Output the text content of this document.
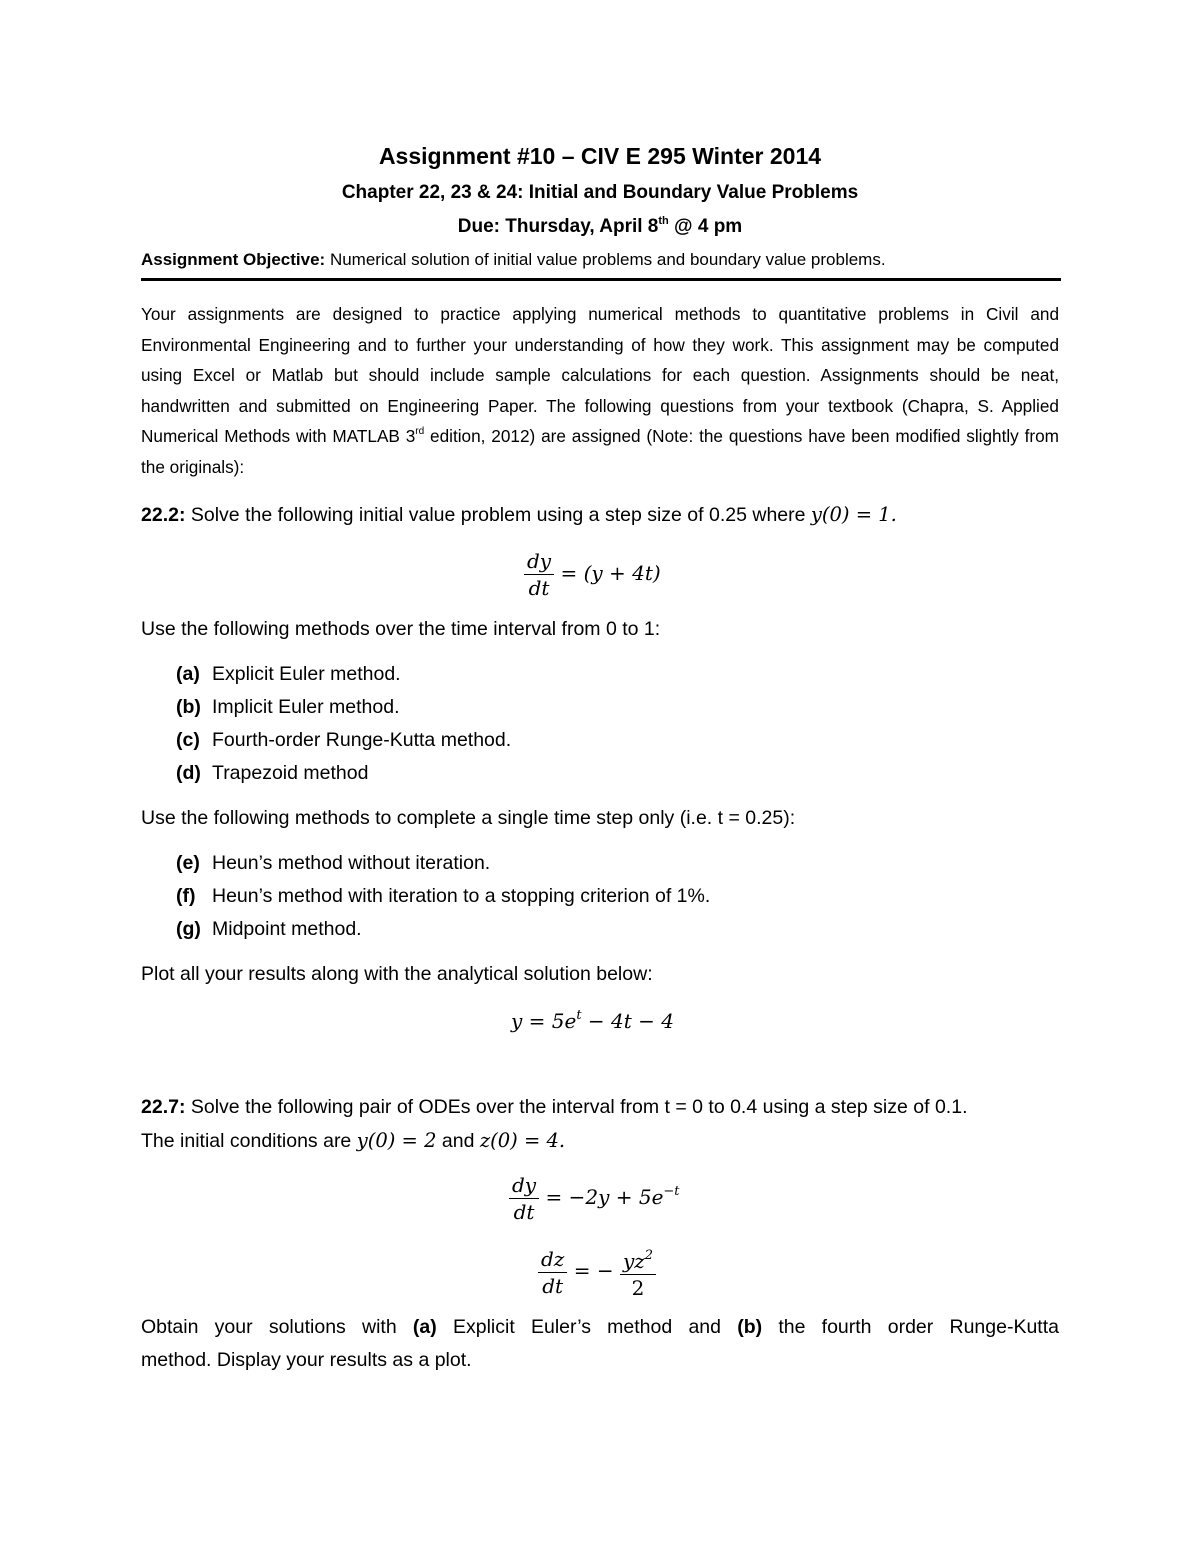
Assignment #10 – CIV E 295 Winter 2014
Chapter 22, 23 & 24: Initial and Boundary Value Problems
Due: Thursday, April 8th @ 4 pm
Assignment Objective: Numerical solution of initial value problems and boundary value problems.
Your assignments are designed to practice applying numerical methods to quantitative problems in Civil and Environmental Engineering and to further your understanding of how they work. This assignment may be computed using Excel or Matlab but should include sample calculations for each question. Assignments should be neat, handwritten and submitted on Engineering Paper. The following questions from your textbook (Chapra, S. Applied Numerical Methods with MATLAB 3rd edition, 2012) are assigned (Note: the questions have been modified slightly from the originals):
22.2: Solve the following initial value problem using a step size of 0.25 where y(0) = 1.
$\frac{dy}{dt} = (y + 4t)$
Use the following methods over the time interval from 0 to 1:
(a) Explicit Euler method.
(b) Implicit Euler method.
(c) Fourth-order Runge-Kutta method.
(d) Trapezoid method
Use the following methods to complete a single time step only (i.e. t = 0.25):
(e) Heun’s method without iteration.
(f) Heun’s method with iteration to a stopping criterion of 1%.
(g) Midpoint method.
Plot all your results along with the analytical solution below:
$y = 5e^t - 4t - 4$
22.7: Solve the following pair of ODEs over the interval from t = 0 to 0.4 using a step size of 0.1.
The initial conditions are y(0) = 2 and z(0) = 4.
$\frac{dy}{dt} = -2y + 5e^{-t}$
$\frac{dz}{dt}$ = − $\frac{yz^2}{2}$
Obtain your solutions with (a) Explicit Euler’s method and (b) the fourth order Runge-Kutta
method. Display your results as a plot.
